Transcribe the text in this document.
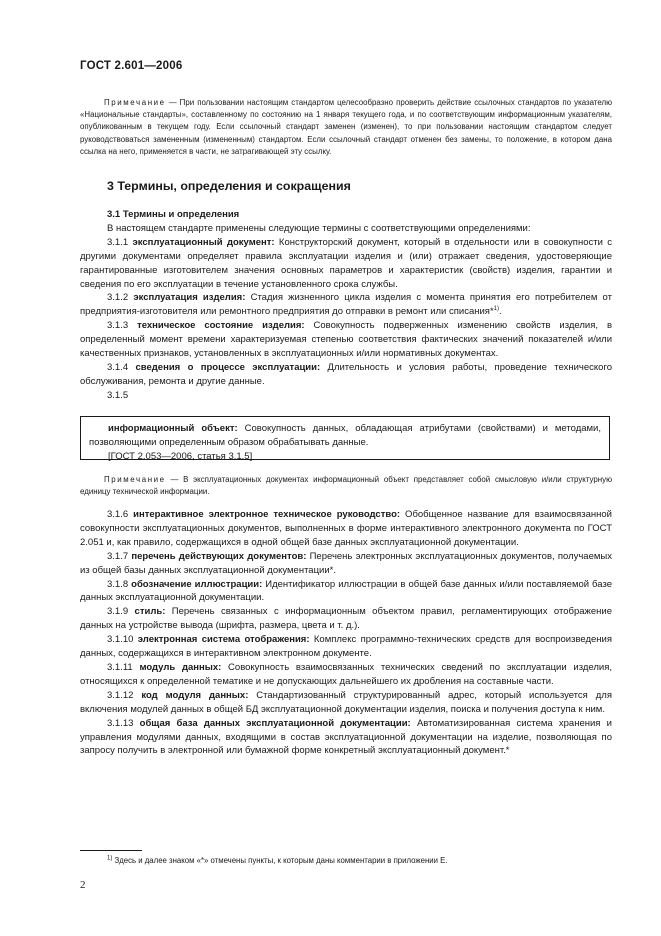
ГОСТ 2.601—2006
Примечание — При пользовании настоящим стандартом целесообразно проверить действие ссылочных стандартов по указателю «Национальные стандарты», составленному по состоянию на 1 января текущего года, и по соответствующим информационным указателям, опубликованным в текущем году. Если ссылочный стандарт заменен (изменен), то при пользовании настоящим стандартом следует руководствоваться замененным (измененным) стандартом. Если ссылочный стандарт отменен без замены, то положение, в котором дана ссылка на него, применяется в части, не затрагивающей эту ссылку.
3 Термины, определения и сокращения

3.1 Термины и определения

В настоящем стандарте применены следующие термины с соответствующими определениями:

3.1.1 эксплуатационный документ: Конструкторский документ, который в отдельности или в совокупности с другими документами определяет правила эксплуатации изделия и (или) отражает сведения, удостоверяющие гарантированные изготовителем значения основных параметров и характеристик (свойств) изделия, гарантии и сведения по его эксплуатации в течение установленного срока службы.

3.1.2 эксплуатация изделия: Стадия жизненного цикла изделия с момента принятия его потребителем от предприятия-изготовителя или ремонтного предприятия до отправки в ремонт или списания*$^{1)}$.

3.1.3 техническое состояние изделия: Совокупность подверженных изменению свойств изделия, в определенный момент времени характеризуемая степенью соответствия фактических значений показателей и/или качественных признаков, установленных в эксплуатационных и/или нормативных документах.

3.1.4 сведения о процессе эксплуатации: Длительность и условия работы, проведение технического обслуживания, ремонта и другие данные.

3.1.5

информационный объект: Совокупность данных, обладающая атрибутами (свойствами) и методами, позволяющими определенным образом обрабатывать данные.

[ГОСТ 2.053—2006, статья 3.1.5]

Примечание — В эксплуатационных документах информационный объект представляет собой смысловую и/или структурную единицу технической информации.

3.1.6 интерактивное электронное техническое руководство: Обобщенное название для взаимосвязанной совокупности эксплуатационных документов, выполненных в форме интерактивного электронного документа по ГОСТ 2.051 и, как правило, содержащихся в одной общей базе данных эксплуатационной документации.

3.1.7 перечень действующих документов: Перечень электронных эксплуатационных документов, получаемых из общей базы данных эксплуатационной документации*.

3.1.8 обозначение иллюстрации: Идентификатор иллюстрации в общей базе данных и/или поставляемой базе данных эксплуатационной документации.

3.1.9 стиль: Перечень связанных с информационным объектом правил, регламентирующих отображение данных на устройстве вывода (шрифта, размера, цвета и т. д.).

3.1.10 электронная система отображения: Комплекс программно-технических средств для воспроизведения данных, содержащихся в интерактивном электронном документе.

3.1.11 модуль данных: Совокупность взаимосвязанных технических сведений по эксплуатации изделия, относящихся к определенной тематике и не допускающих дальнейшего их дробления на составные части.

3.1.12 код модуля данных: Стандартизованный структурированный адрес, который используется для включения модулей данных в общей БД эксплуатационной документации изделия, поиска и получения доступа к ним.

3.1.13 общая база данных эксплуатационной документации: Автоматизированная система хранения и управления модулями данных, входящими в состав эксплуатационной документации на изделие, позволяющая по запросу получить в электронной или бумажной форме конкретный эксплуатационный документ.*

$^{1)}$ Здесь и далее знаком «*» отмечены пункты, к которым даны комментарии в приложении Е.
2
